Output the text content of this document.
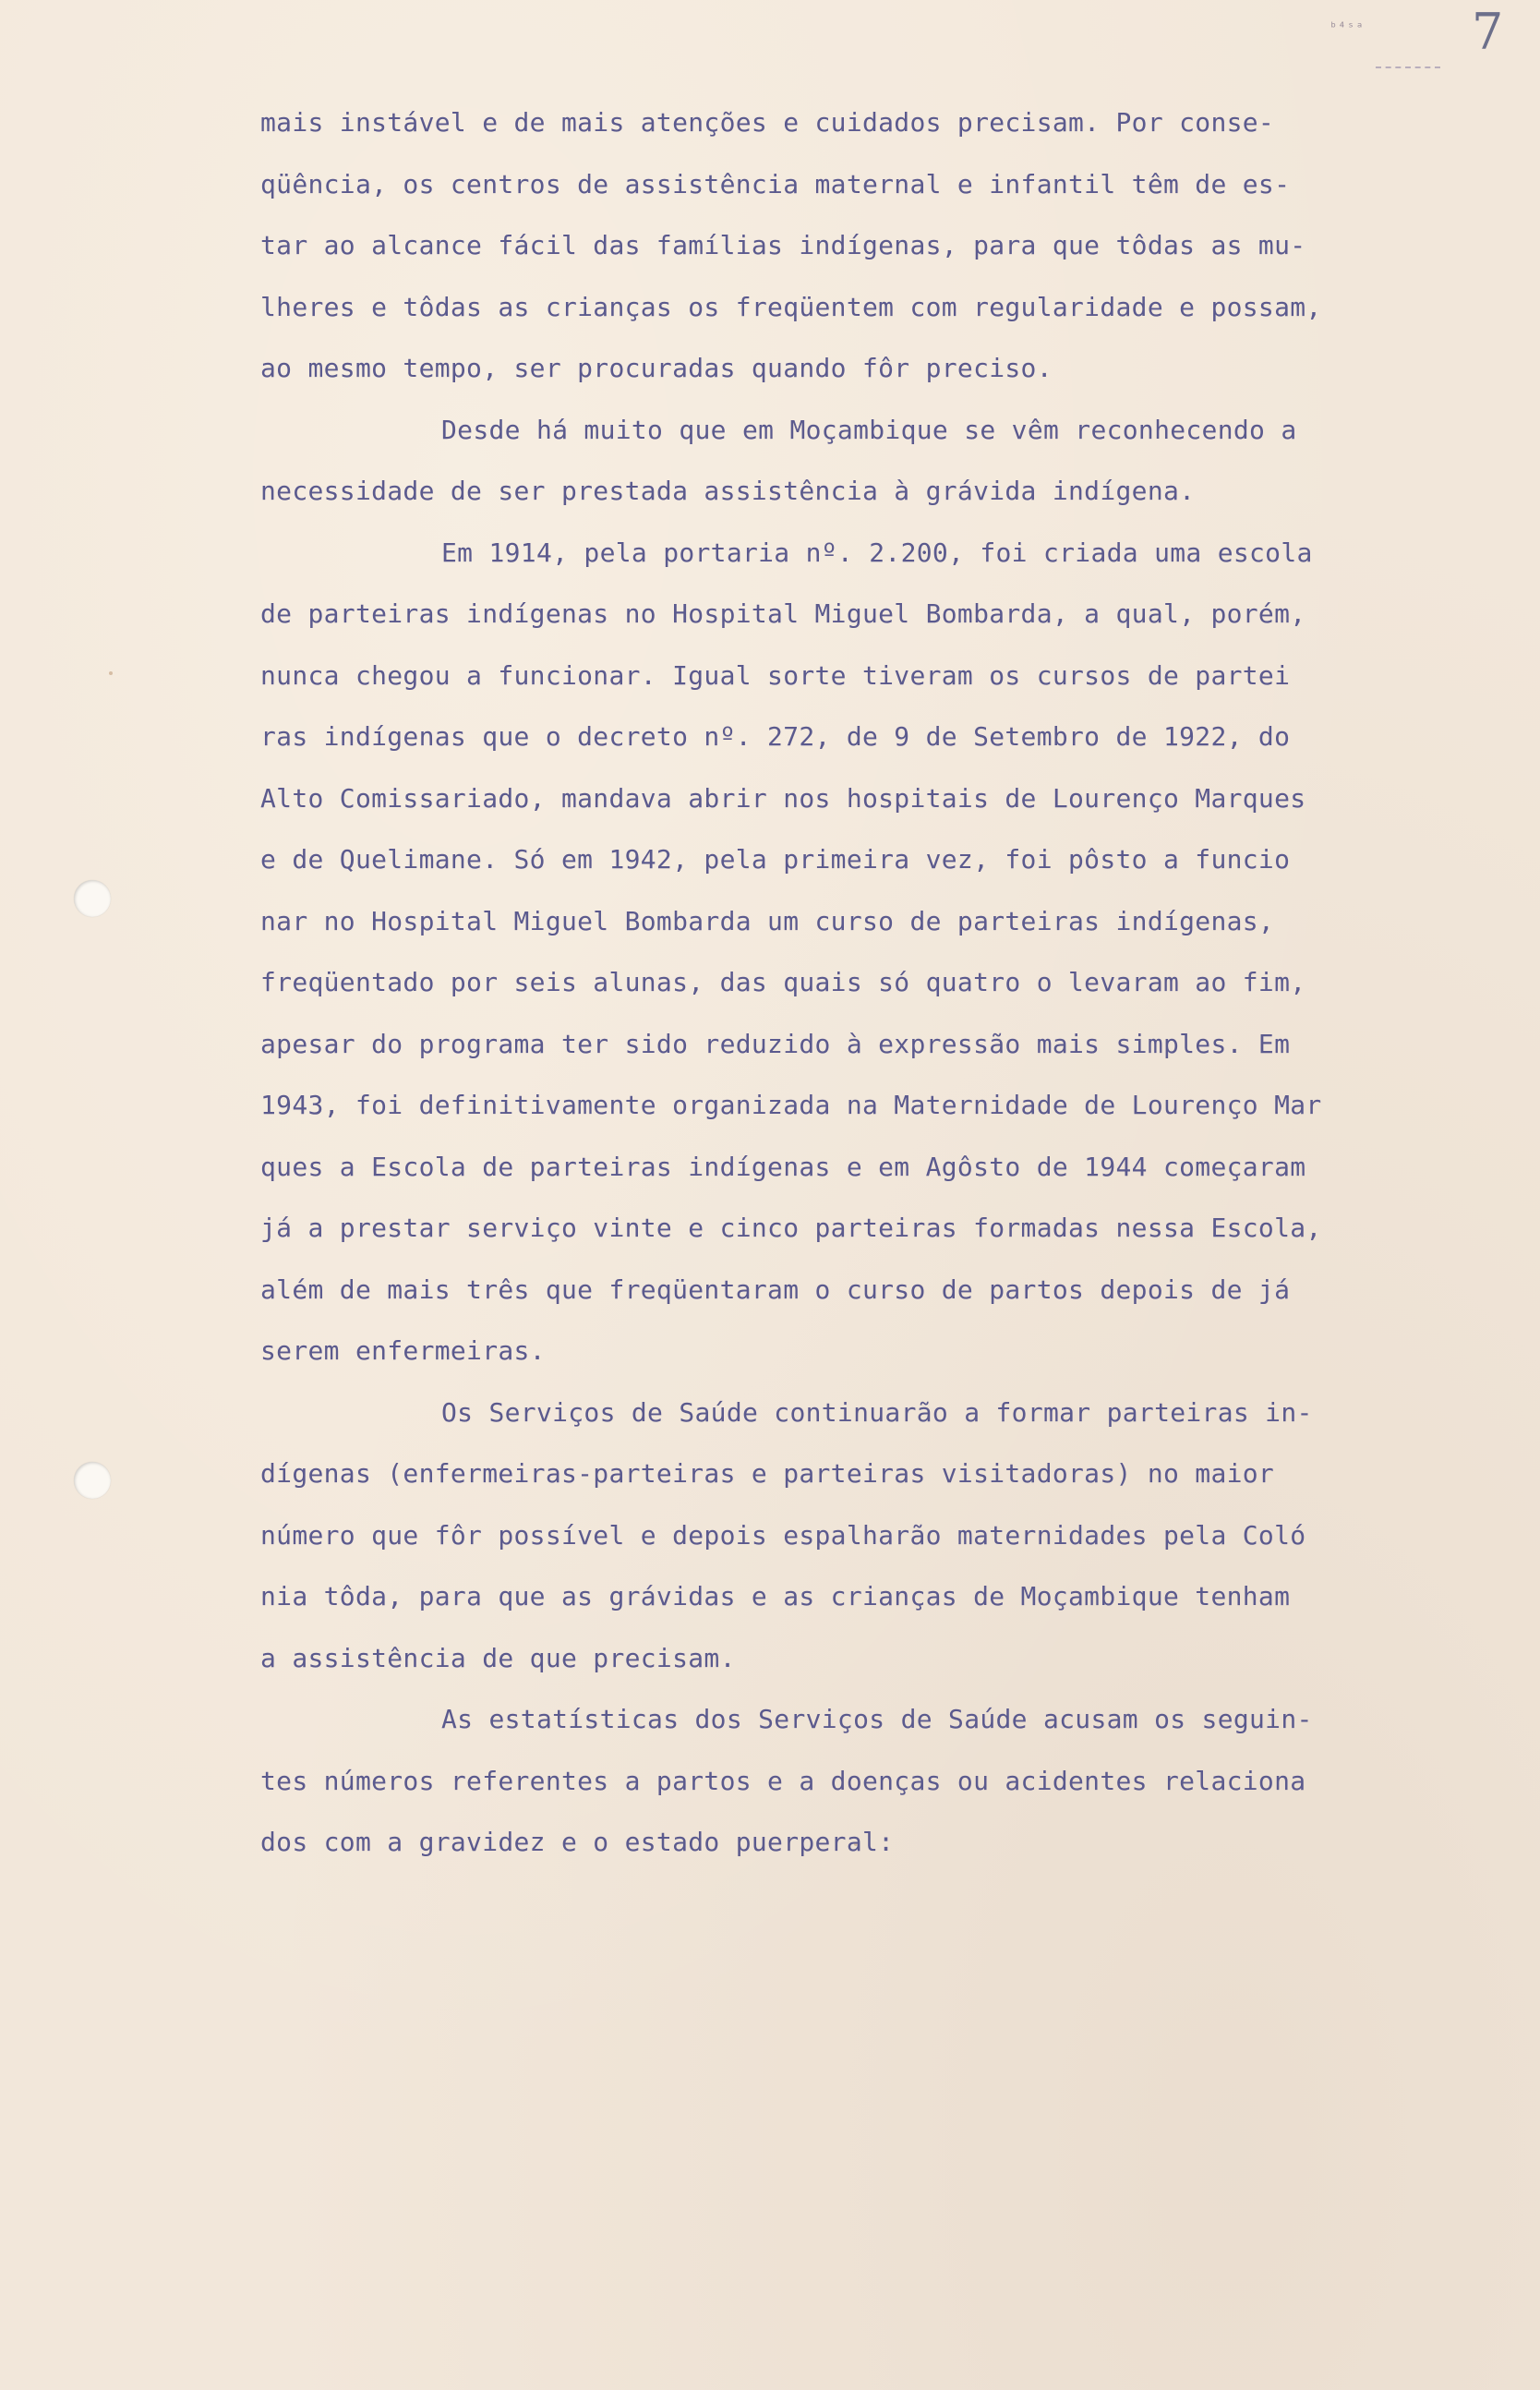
ᵇ⁴ˢᵃ 7
mais instável e de mais atenções e cuidados precisam. Por conse-
qüência, os centros de assistência maternal e infantil têm de es-
tar ao alcance fácil das famílias indígenas, para que tôdas as mu-
lheres e tôdas as crianças os freqüentem com regularidade e possam,
ao mesmo tempo, ser procuradas quando fôr preciso.
Desde há muito que em Moçambique se vêm reconhecendo a
necessidade de ser prestada assistência à grávida indígena.
Em 1914, pela portaria nº. 2.200, foi criada uma escola
de parteiras indígenas no Hospital Miguel Bombarda, a qual, porém,
nunca chegou a funcionar. Igual sorte tiveram os cursos de partei
ras indígenas que o decreto nº. 272, de 9 de Setembro de 1922, do
Alto Comissariado, mandava abrir nos hospitais de Lourenço Marques
e de Quelimane. Só em 1942, pela primeira vez, foi pôsto a funcio
nar no Hospital Miguel Bombarda um curso de parteiras indígenas,
freqüentado por seis alunas, das quais só quatro o levaram ao fim,
apesar do programa ter sido reduzido à expressão mais simples. Em
1943, foi definitivamente organizada na Maternidade de Lourenço Mar
ques a Escola de parteiras indígenas e em Agôsto de 1944 começaram
já a prestar serviço vinte e cinco parteiras formadas nessa Escola,
além de mais três que freqüentaram o curso de partos depois de já
serem enfermeiras.
Os Serviços de Saúde continuarão a formar parteiras in-
dígenas (enfermeiras-parteiras e parteiras visitadoras) no maior
número que fôr possível e depois espalharão maternidades pela Coló
nia tôda, para que as grávidas e as crianças de Moçambique tenham
a assistência de que precisam.
As estatísticas dos Serviços de Saúde acusam os seguin-
tes números referentes a partos e a doenças ou acidentes relaciona
dos com a gravidez e o estado puerperal:
